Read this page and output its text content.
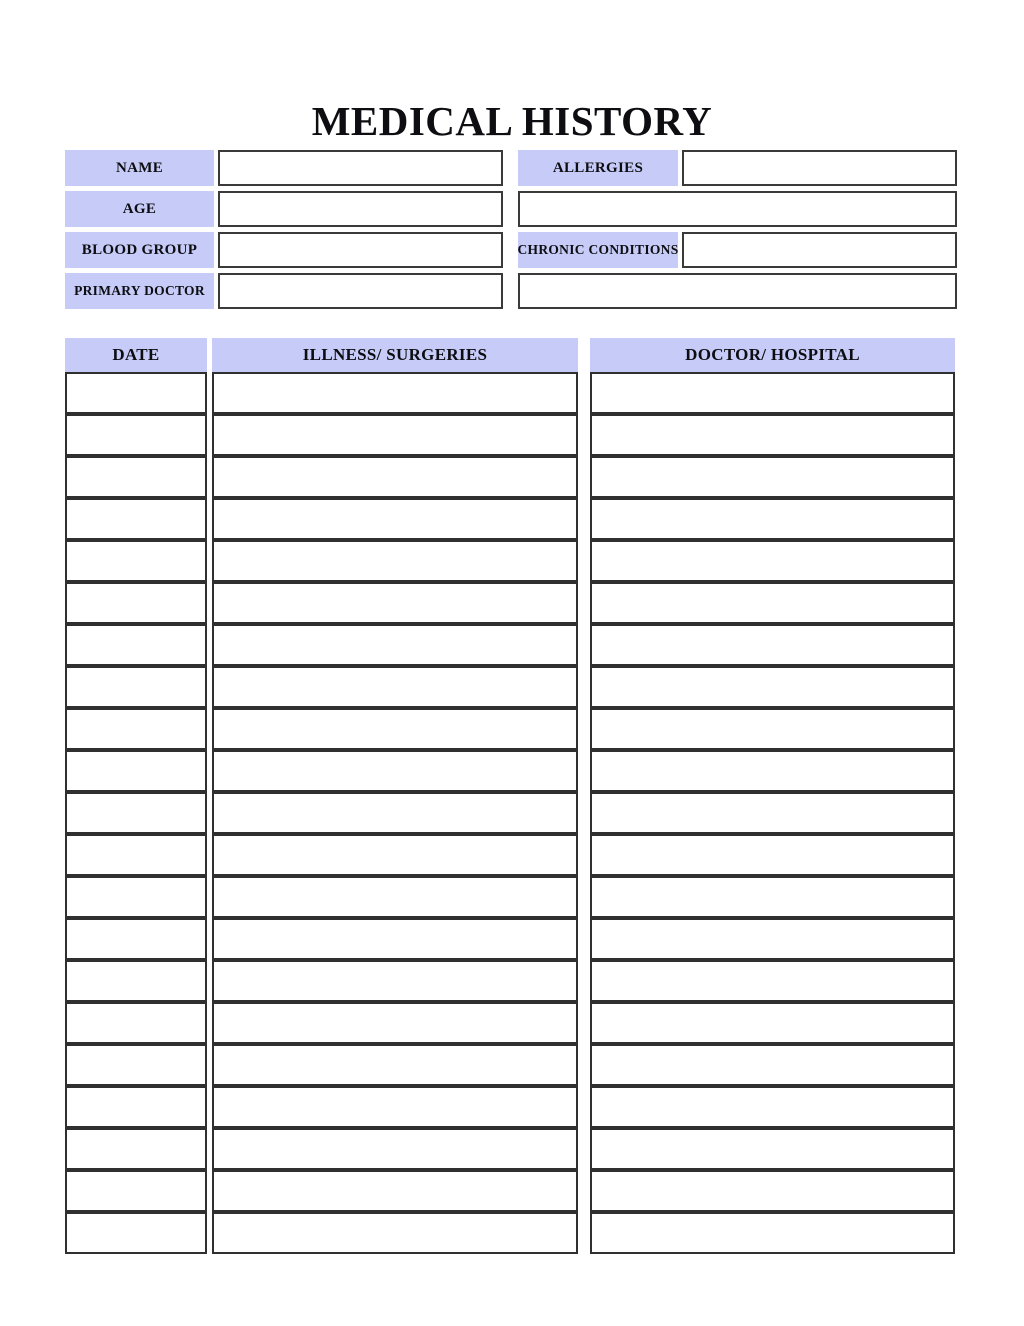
MEDICAL HISTORY
NAME
AGE
BLOOD GROUP
PRIMARY DOCTOR
ALLERGIES
CHRONIC CONDITIONS
DATE	ILLNESS/ SURGERIES	DOCTOR/ HOSPITAL
